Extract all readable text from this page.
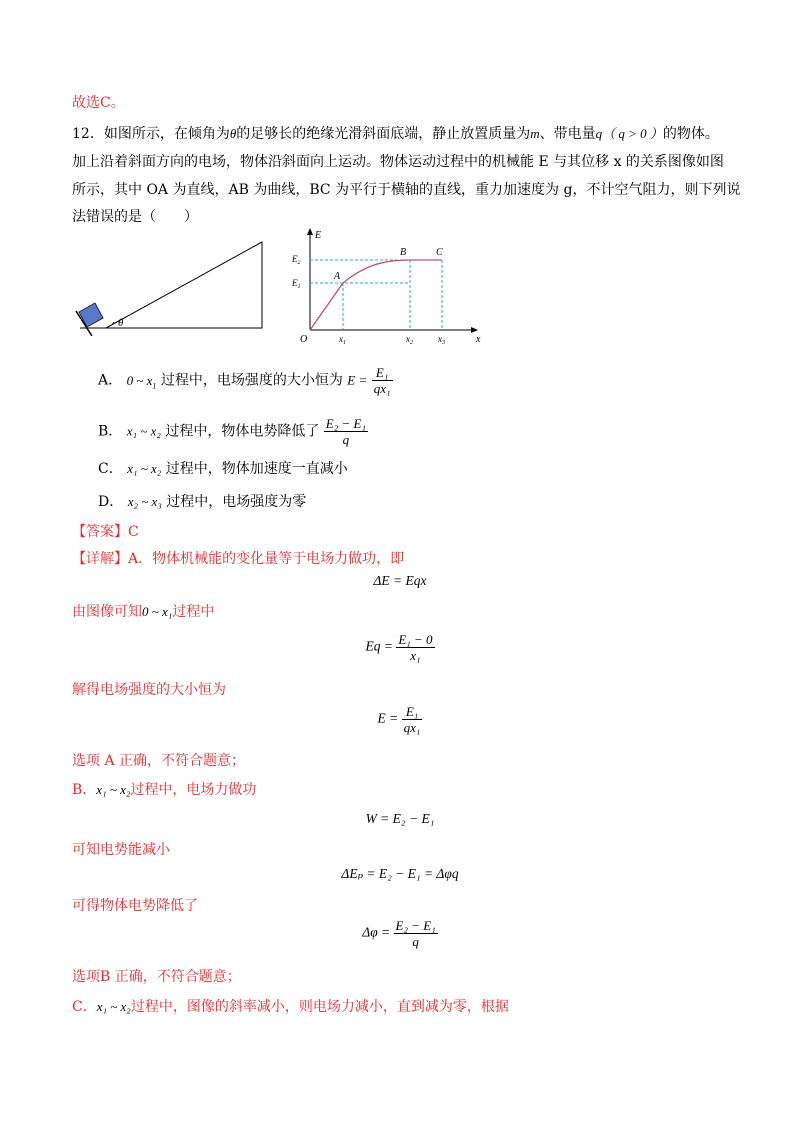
故选C。
12．如图所示，在倾角为θ的足够长的绝缘光滑斜面底端，静止放置质量为m、带电量q（ q > 0 ）的物体。
加上沿着斜面方向的电场，物体沿斜面向上运动。物体运动过程中的机械能 E 与其位移 x 的关系图像如图
所示，其中 OA 为直线，AB 为曲线，BC 为平行于横轴的直线，重力加速度为 g，不计空气阻力，则下列说
法错误的是（　　）
θ
E
x
O
A
B	C
$E_2$
$E_1$
$x_1$	$x_2$	$x_3$
A． 0 ~ $x_1$ 过程中，电场强度的大小恒为 $E = \frac{\text{E₁}}{\text{qx₁}}$
B． x₁ ~ x₂ 过程中，物体电势降低了 $\frac{\text{E₂ − E₁}}{q}$
C． x₁ ~ x₂ 过程中，物体加速度一直减小
D． x₂ ~ x₃ 过程中，电场强度为零
【答案】C
【详解】A．物体机械能的变化量等于电场力做功，即
ΔE = Eqx
由图像可知0 ~ x₁过程中
$Eq = \frac{\text{E₁ − 0}}{\text{x₁}}$
解得电场强度的大小恒为
$E = \frac{\text{E₁}}{\text{qx₁}}$
选项 A 正确，不符合题意；
B．x₁ ~ x₂过程中，电场力做功
W = E₂ − E₁
可知电势能减小
ΔEₚ = E₂ − E₁ = Δφq
可得物体电势降低了
$\Delta\varphi = \frac{\text{E₂ − E₁}}{q}$
选项B 正确，不符合题意；
C．x₁ ~ x₂过程中，图像的斜率减小，则电场力减小，直到减为零，根据
